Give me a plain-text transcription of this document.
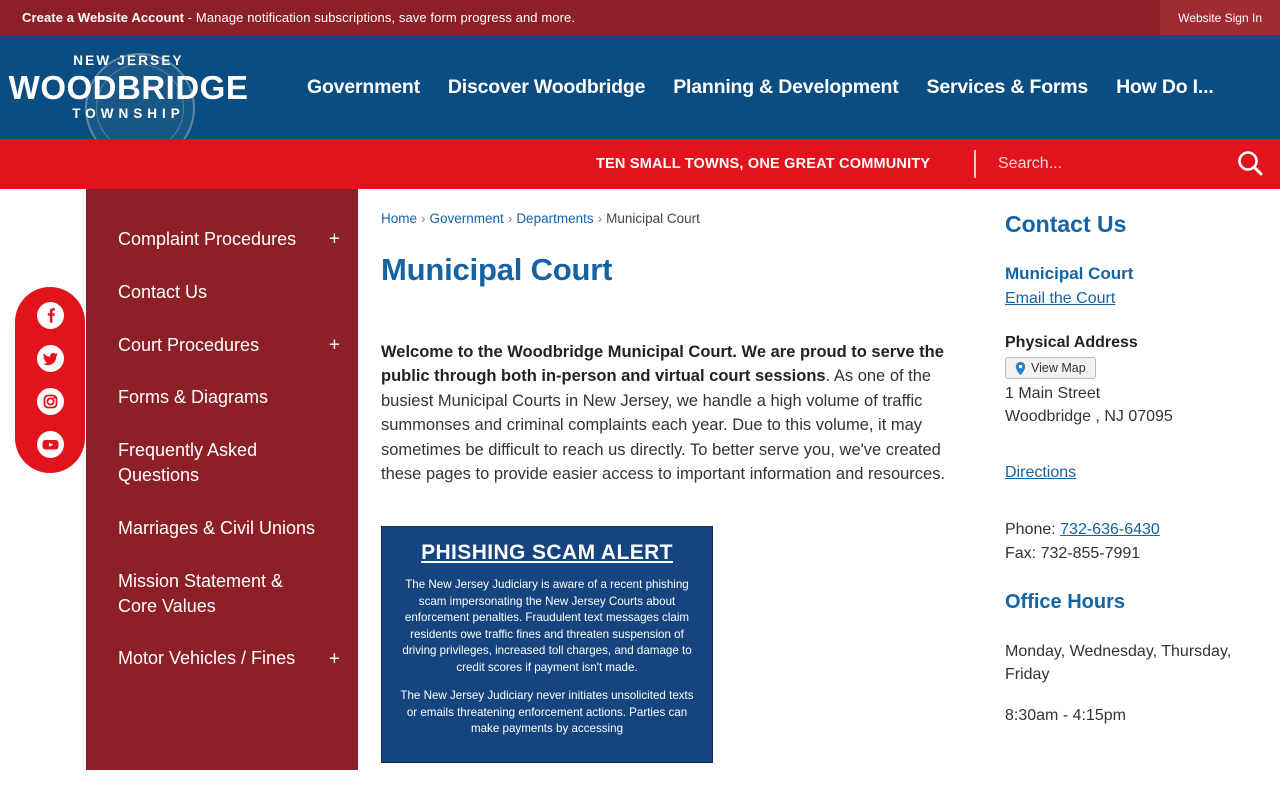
Create a Website Account - Manage notification subscriptions, save form progress and more.	Website Sign In
NEW JERSEY
WOODBRIDGE
TOWNSHIP
Government	Discover Woodbridge	Planning & Development	Services & Forms	How Do I...
TEN SMALL TOWNS, ONE GREAT COMMUNITY
Search...
Complaint Procedures +
Contact Us
Court Procedures	+
Forms & Diagrams
Frequently Asked Questions
Marriages & Civil Unions
Mission Statement & Core Values
Motor Vehicles / Fines +
Home › Government › Departments › Municipal Court
Municipal Court
Welcome to the Woodbridge Municipal Court. We are proud to serve the public through both in-person and virtual court sessions. As one of the busiest Municipal Courts in New Jersey, we handle a high volume of traffic summonses and criminal complaints each year. Due to this volume, it may sometimes be difficult to reach us directly. To better serve you, we've created these pages to provide easier access to important information and resources.
PHISHING SCAM ALERT

The New Jersey Judiciary is aware of a recent phishing scam impersonating the New Jersey Courts about enforcement penalties. Fraudulent text messages claim residents owe traffic fines and threaten suspension of driving privileges, increased toll charges, and damage to credit scores if payment isn't made.

The New Jersey Judiciary never initiates unsolicited texts or emails threatening enforcement actions. Parties can make payments by accessing

Contact Us
Municipal Court
Email the Court
Physical Address
View Map
1 Main Street
Woodbridge , NJ 07095
Directions
Phone: 732-636-6430
Fax: 732-855-7991
Office Hours
Monday, Wednesday, Thursday, Friday
8:30am - 4:15pm
